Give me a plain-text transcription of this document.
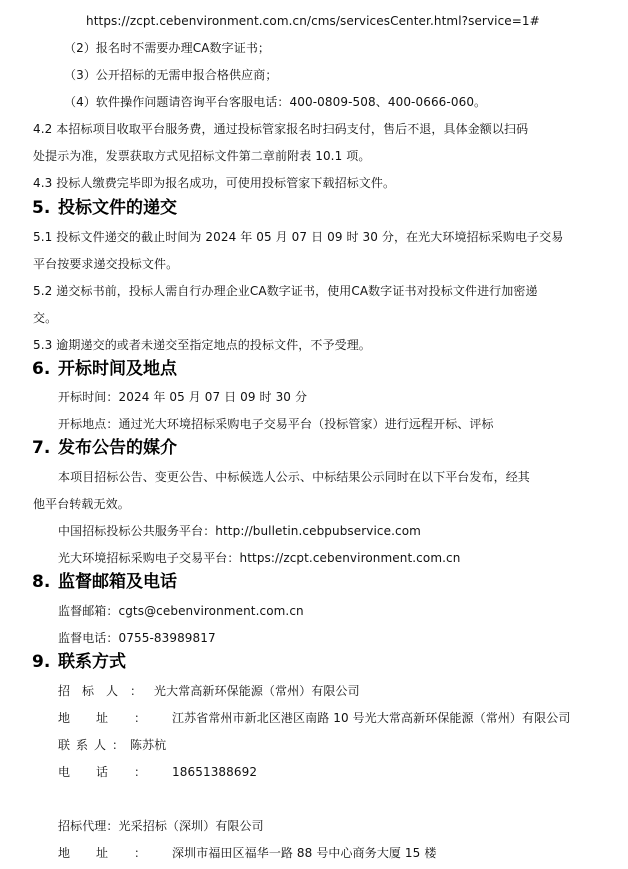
https://zcpt.cebenvironment.com.cn/cms/servicesCenter.html?service=1#
（2）报名时不需要办理CA数字证书；
（3）公开招标的无需申报合格供应商；
（4）软件操作问题请咨询平台客服电话：400-0809-508、400-0666-060。
4.2 本招标项目收取平台服务费，通过投标管家报名时扫码支付，售后不退，具体金额以扫码
处提示为准，发票获取方式见招标文件第二章前附表 10.1 项。
4.3 投标人缴费完毕即为报名成功，可使用投标管家下载招标文件。
5. 投标文件的递交
5.1 投标文件递交的截止时间为 2024 年 05 月 07 日 09 时 30 分，在光大环境招标采购电子交易
平台按要求递交投标文件。
5.2 递交标书前，投标人需自行办理企业CA数字证书，使用CA数字证书对投标文件进行加密递
交。
5.3 逾期递交的或者未递交至指定地点的投标文件，不予受理。
6. 开标时间及地点
开标时间：2024 年 05 月 07 日 09 时 30 分
开标地点：通过光大环境招标采购电子交易平台（投标管家）进行远程开标、评标
7. 发布公告的媒介
本项目招标公告、变更公告、中标候选人公示、中标结果公示同时在以下平台发布，经其
他平台转载无效。
中国招标投标公共服务平台：http://bulletin.cebpubservice.com
光大环境招标采购电子交易平台：https://zcpt.cebenvironment.com.cn
8. 监督邮箱及电话
监督邮箱：cgts@cebenvironment.com.cn
监督电话：0755-83989817
9. 联系方式
招标人：光大常高新环保能源（常州）有限公司
地址：江苏省常州市新北区港区南路 10 号光大常高新环保能源（常州）有限公司
联系人：陈苏杭
电话：18651388692
招标代理：光采招标（深圳）有限公司
地址：深圳市福田区福华一路 88 号中心商务大厦 15 楼
